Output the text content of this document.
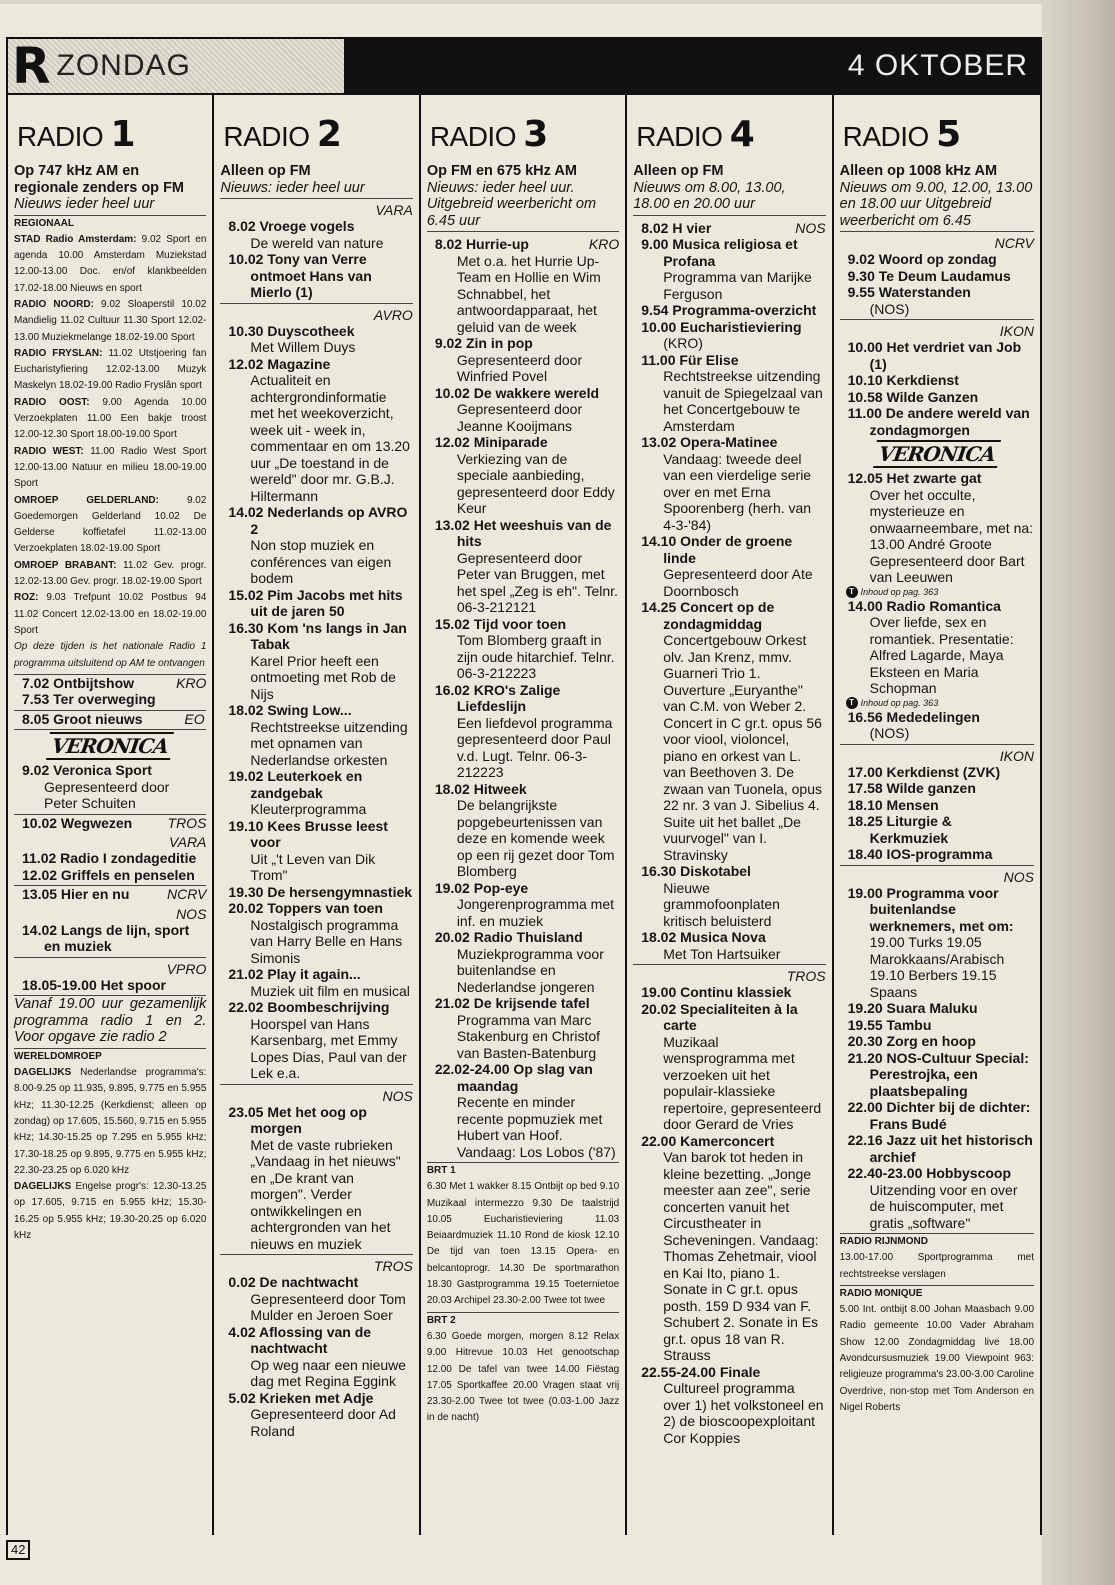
R ZONDAG	4 OKTOBER
RADIO 1
Op 747 kHz AM en regionale zenders op FM
Nieuws ieder heel uur
REGIONAAL
STAD Radio Amsterdam: 9.02 Sport en agenda 10.00 Amsterdam Muziekstad 12.00-13.00 Doc. en/of klankbeelden 17.02-18.00 Nieuws en sport
RADIO NOORD: 9.02 Sloaperstil 10.02 Mandielig 11.02 Cultuur 11.30 Sport 12.02-13.00 Muziekmelange 18.02-19.00 Sport
RADIO FRYSLAN: 11.02 Utstjoering fan Eucharistyfiering 12.02-13.00 Muzyk Maskelyn 18.02-19.00 Radio Fryslân sport
RADIO OOST: 9.00 Agenda 10.00 Verzoekplaten 11.00 Een bakje troost 12.00-12.30 Sport 18.00-19.00 Sport
RADIO WEST: 11.00 Radio West Sport 12.00-13.00 Natuur en milieu 18.00-19.00 Sport
OMROEP GELDERLAND:	9.02 Goedemorgen Gelderland 10.02 De Gelderse koffietafel 11.02-13.00 Verzoekplaten 18.02-19.00 Sport
OMROEP BRABANT: 11.02 Gev. progr. 12.02-13.00 Gev. progr. 18.02-19.00 Sport
ROZ: 9.03 Trefpunt 10.02 Postbus 94 11.02 Concert 12.02-13.00 en 18.02-19.00 Sport
Op deze tijden is het nationale Radio 1 programma uitsluitend op AM te ontvangen
7.02 Ontbijtshow	KRO
7.53 Ter overweging
8.05 Groot nieuws	EO
VERONICA
9.02 Veronica Sport
Gepresenteerd door Peter Schuiten
10.02 Wegwezen	TROS
VARA
11.02 Radio I zondageditie
12.02 Griffels en penselen
13.05 Hier en nu	NCRV
NOS
14.02 Langs de lijn, sport en muziek
VPRO
18.05-19.00 Het spoor
Vanaf 19.00 uur gezamenlijk programma radio 1 en 2. Voor opgave zie radio 2
WERELDOMROEP
DAGELIJKS Nederlandse programma's: 8.00-9.25 op 11.935, 9.895, 9.775 en 5.955 kHz; 11.30-12.25 (Kerkdienst; alleen op zondag) op 17.605, 15.560, 9.715 en 5.955 kHz; 14.30-15.25 op 7.295 en 5.955 kHz; 17.30-18.25 op 9.895, 9.775 en 5.955 kHz; 22.30-23.25 op 6.020 kHz
DAGELIJKS Engelse progr's: 12.30-13.25 op 17.605, 9.715 en 5.955 kHz; 15.30-16.25 op 5.955 kHz; 19.30-20.25 op 6.020 kHz
RADIO 2
Alleen op FM
Nieuws: ieder heel uur
VARA
8.02 Vroege vogels
De wereld van nature
10.02 Tony van Verre ontmoet Hans van Mierlo (1)
AVRO
10.30 Duyscotheek
Met Willem Duys
12.02 Magazine
Actualiteit en achtergrondinformatie met het weekoverzicht, week uit - week in, commentaar en om 13.20 uur „De toestand in de wereld" door mr. G.B.J. Hiltermann
14.02 Nederlands op AVRO 2
Non stop muziek en conférences van eigen bodem
15.02 Pim Jacobs met hits uit de jaren 50
16.30 Kom 'ns langs in Jan Tabak
Karel Prior heeft een ontmoeting met Rob de Nijs
18.02 Swing Low...
Rechtstreekse uitzending met opnamen van Nederlandse orkesten
19.02 Leuterkoek en zandgebak
Kleuterprogramma
19.10 Kees Brusse leest voor
Uit „'t Leven van Dik Trom"
19.30 De hersengymnastiek
20.02 Toppers van toen
Nostalgisch programma van Harry Belle en Hans Simonis
21.02 Play it again...
Muziek uit film en musical
22.02 Boombeschrijving
Hoorspel van Hans Karsenbarg, met Emmy Lopes Dias, Paul van der Lek e.a.
NOS
23.05 Met het oog op morgen
Met de vaste rubrieken „Vandaag in het nieuws" en „De krant van morgen". Verder ontwikkelingen en achtergronden van het nieuws en muziek
TROS
0.02 De nachtwacht
Gepresenteerd door Tom Mulder en Jeroen Soer
4.02 Aflossing van de nachtwacht
Op weg naar een nieuwe dag met Regina Eggink
5.02 Krieken met Adje
Gepresenteerd door Ad Roland
RADIO 3
Op FM en 675 kHz AM
Nieuws: ieder heel uur. Uitgebreid weerbericht om 6.45 uur
8.02 Hurrie-up	KRO
Met o.a. het Hurrie Up-Team en Hollie en Wim Schnabbel, het antwoordapparaat, het geluid van de week
9.02 Zin in pop
Gepresenteerd door Winfried Povel
10.02 De wakkere wereld
Gepresenteerd door Jeanne Kooijmans
12.02 Miniparade
Verkiezing van de speciale aanbieding, gepresenteerd door Eddy Keur
13.02 Het weeshuis van de hits
Gepresenteerd door Peter van Bruggen, met het spel „Zeg is eh". Telnr. 06-3-212121
15.02 Tijd voor toen
Tom Blomberg graaft in zijn oude hitarchief. Telnr. 06-3-212223
16.02 KRO's Zalige Liefdeslijn
Een liefdevol programma gepresenteerd door Paul v.d. Lugt. Telnr. 06-3-212223
18.02 Hitweek
De belangrijkste popgebeurtenissen van deze en komende week op een rij gezet door Tom Blomberg
19.02 Pop-eye
Jongerenprogramma met inf. en muziek
20.02 Radio Thuisland
Muziekprogramma voor buitenlandse en Nederlandse jongeren
21.02 De krijsende tafel
Programma van Marc Stakenburg en Christof van Basten-Batenburg
22.02-24.00 Op slag van maandag
Recente en minder recente popmuziek met Hubert van Hoof. Vandaag: Los Lobos ('87)
BRT 1
6.30 Met 1 wakker 8.15 Ontbijt op bed 9.10 Muzikaal intermezzo 9.30 De taalstrijd 10.05 Eucharistieviering 11.03 Beiaardmuziek 11.10 Rond de kiosk 12.10 De tijd van toen 13.15 Opera- en belcantoprogr. 14.30 De sportmarathon 18.30 Gastprogramma 19.15 Toeternietoe 20.03 Archipel 23.30-2.00 Twee tot twee
BRT 2
6.30 Goede morgen, morgen 8.12 Relax 9.00 Hitrevue 10.03 Het genootschap 12.00 De tafel van twee 14.00 Fiëstag 17.05 Sportkaffee 20.00 Vragen staat vrij 23.30-2.00 Twee tot twee (0.03-1.00 Jazz in de nacht)
RADIO 4
Alleen op FM
Nieuws om 8.00, 13.00, 18.00 en 20.00 uur
8.02 H vier	NOS
9.00 Musica religiosa et Profana
Programma van Marijke Ferguson
9.54 Programma-overzicht
10.00 Eucharistieviering
(KRO)
11.00 Für Elise
Rechtstreekse uitzending vanuit de Spiegelzaal van het Concertgebouw te Amsterdam
13.02 Opera-Matinee
Vandaag: tweede deel van een vierdelige serie over en met Erna Spoorenberg (herh. van 4-3-'84)
14.10 Onder de groene linde
Gepresenteerd door Ate Doornbosch
14.25 Concert op de zondagmiddag
Concertgebouw Orkest olv. Jan Krenz, mmv. Guarneri Trio 1. Ouverture „Euryanthe" van C.M. von Weber 2. Concert in C gr.t. opus 56 voor viool, violoncel, piano en orkest van L. van Beethoven 3. De zwaan van Tuonela, opus 22 nr. 3 van J. Sibelius 4. Suite uit het ballet „De vuurvogel" van I. Stravinsky
16.30 Diskotabel
Nieuwe grammofoonplaten kritisch beluisterd
18.02 Musica Nova
Met Ton Hartsuiker
TROS
19.00 Continu klassiek
20.02 Specialiteiten à la carte
Muzikaal wensprogramma met verzoeken uit het populair-klassieke repertoire, gepresenteerd door Gerard de Vries
22.00 Kamerconcert
Van barok tot heden in kleine bezetting. „Jonge meester aan zee", serie concerten vanuit het Circustheater in Scheveningen. Vandaag: Thomas Zehetmair, viool en Kai Ito, piano 1. Sonate in C gr.t. opus posth. 159 D 934 van F. Schubert 2. Sonate in Es gr.t. opus 18 van R. Strauss
22.55-24.00 Finale
Cultureel programma over 1) het volkstoneel en 2) de bioscoopexploitant Cor Koppies
RADIO 5
Alleen op 1008 kHz AM
Nieuws om 9.00, 12.00, 13.00 en 18.00 uur Uitgebreid weerbericht om 6.45
NCRV
9.02 Woord op zondag
9.30 Te Deum Laudamus
9.55 Waterstanden
(NOS)
IKON
10.00 Het verdriet van Job (1)
10.10 Kerkdienst
10.58 Wilde Ganzen
11.00 De andere wereld van zondagmorgen
VERONICA
12.05 Het zwarte gat
Over het occulte, mysterieuze en onwaarneembare, met na: 13.00 André Groote Gepresenteerd door Bart van Leeuwen
T Inhoud op pag. 363
14.00 Radio Romantica
Over liefde, sex en romantiek. Presentatie: Alfred Lagarde, Maya Eksteen en Maria Schopman
T Inhoud op pag. 363
16.56 Mededelingen
(NOS)
IKON
17.00 Kerkdienst (ZVK)
17.58 Wilde ganzen
18.10 Mensen
18.25 Liturgie & Kerkmuziek
18.40 IOS-programma
NOS
19.00 Programma voor buitenlandse werknemers, met om:
19.00 Turks 19.05 Marokkaans/Arabisch 19.10 Berbers 19.15 Spaans
19.20 Suara Maluku
19.55 Tambu
20.30 Zorg en hoop
21.20 NOS-Cultuur Special: Perestrojka, een plaatsbepaling
22.00 Dichter bij de dichter: Frans Budé
22.16 Jazz uit het historisch archief
22.40-23.00 Hobbyscoop
Uitzending voor en over de huiscomputer, met gratis „software"
RADIO RIJNMOND
13.00-17.00 Sportprogramma met rechtstreekse verslagen
RADIO MONIQUE
5.00 Int. ontbijt 8.00 Johan Maasbach 9.00 Radio gemeente 10.00 Vader Abraham Show 12.00 Zondagmiddag live 18.00 Avondcursusmuziek 19.00 Viewpoint 963: religieuze programma's 23.00-3.00 Caroline Overdrive, non-stop met Tom Anderson en Nigel Roberts
42
